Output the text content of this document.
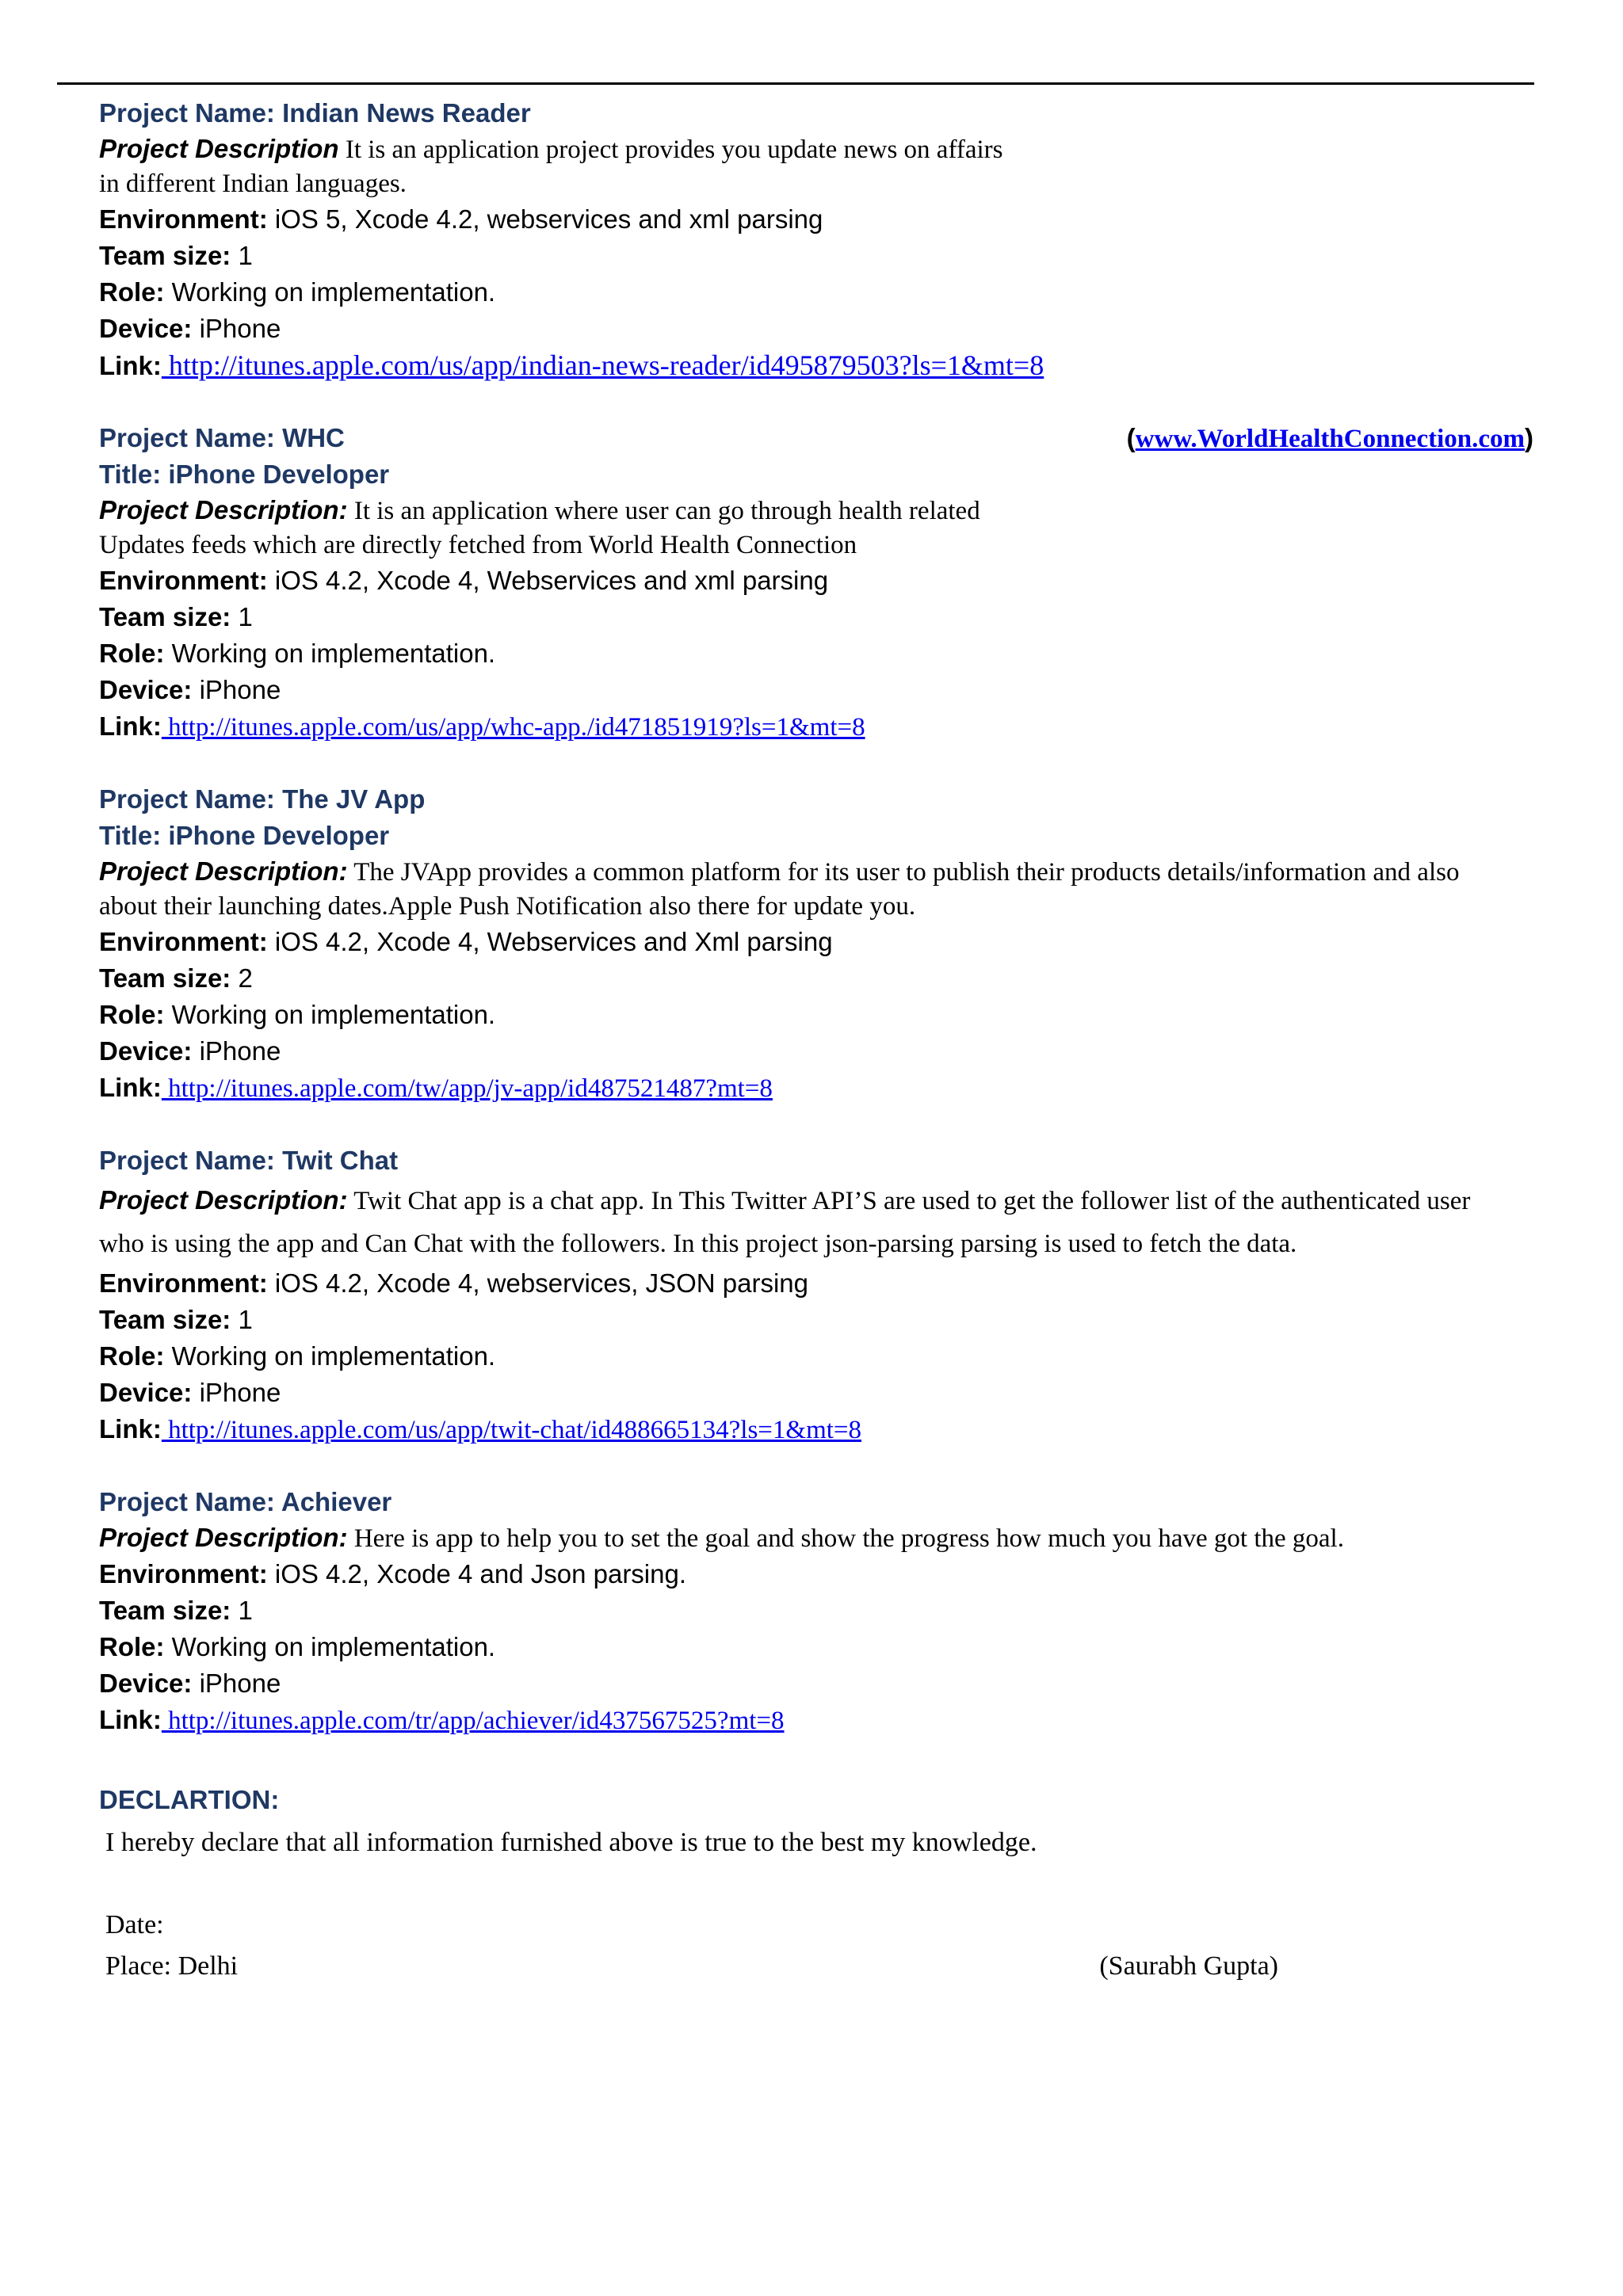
Project Name: Indian News Reader
Project Description It is an application project provides you update news on affairs
in different Indian languages.
Environment: iOS 5, Xcode 4.2, webservices and xml parsing
Team size: 1
Role: Working on implementation.
Device: iPhone
Link: http://itunes.apple.com/us/app/indian-news-reader/id495879503?ls=1&mt=8
Project Name: WHC	(www.WorldHealthConnection.com)
Title: iPhone Developer
Project Description: It is an application where user can go through health related
Updates feeds which are directly fetched from World Health Connection
Environment: iOS 4.2, Xcode 4, Webservices and xml parsing
Team size: 1
Role: Working on implementation.
Device: iPhone
Link: http://itunes.apple.com/us/app/whc-app./id471851919?ls=1&mt=8
Project Name: The JV App
Title: iPhone Developer
Project Description: The JVApp provides a common platform for its user to publish their products details/information and also
about their launching dates.Apple Push Notification also there for update you.
Environment: iOS 4.2, Xcode 4, Webservices and Xml parsing
Team size: 2
Role: Working on implementation.
Device: iPhone
Link: http://itunes.apple.com/tw/app/jv-app/id487521487?mt=8
Project Name: Twit Chat
Project Description: Twit Chat app is a chat app. In This Twitter API’S are used to get the follower list of the authenticated user
who is using the app and Can Chat with the followers. In this project json-parsing parsing is used to fetch the data.
Environment: iOS 4.2, Xcode 4, webservices, JSON parsing
Team size: 1
Role: Working on implementation.
Device: iPhone
Link: http://itunes.apple.com/us/app/twit-chat/id488665134?ls=1&mt=8
Project Name: Achiever
Project Description: Here is app to help you to set the goal and show the progress how much you have got the goal.
Environment: iOS 4.2, Xcode 4 and Json parsing.
Team size: 1
Role: Working on implementation.
Device: iPhone
Link: http://itunes.apple.com/tr/app/achiever/id437567525?mt=8
DECLARTION:
I hereby declare that all information furnished above is true to the best my knowledge.
Date:
Place: Delhi	(Saurabh Gupta)
